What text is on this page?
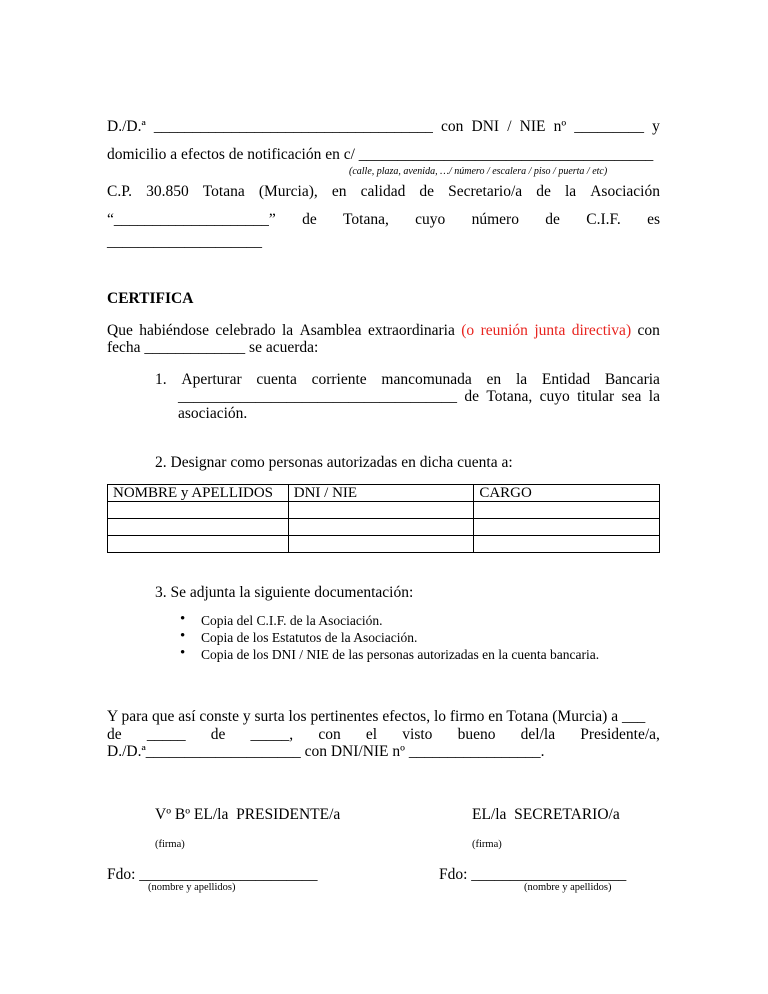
D./D.ª ____________________________________ con DNI / NIE nº _________ y
domicilio a efectos de notificación en c/ ______________________________________
(calle, plaza, avenida, …/ número / escalera / piso / puerta / etc)
C.P. 30.850 Totana (Murcia), en calidad de Secretario/a de la Asociación
“____________________” de Totana, cuyo número de C.I.F. es
____________________
CERTIFICA
Que habiéndose celebrado la Asamblea extraordinaria (o reunión junta directiva) con
fecha _____________ se acuerda:
1. Aperturar cuenta corriente mancomunada en la Entidad Bancaria
____________________________________ de Totana, cuyo titular sea la
asociación.
2. Designar como personas autorizadas en dicha cuenta a:
NOMBRE y APELLIDOS	DNI / NIE	CARGO

3. Se adjunta la siguiente documentación:
• Copia del C.I.F. de la Asociación.
• Copia de los Estatutos de la Asociación.
• Copia de los DNI / NIE de las personas autorizadas en la cuenta bancaria.
Y para que así conste y surta los pertinentes efectos, lo firmo en Totana (Murcia) a ___
de _____ de _____, con el visto bueno del/la Presidente/a,
D./D.ª____________________ con DNI/NIE nº _________________.
Vº Bº EL/la  PRESIDENTE/a	EL/la  SECRETARIO/a
(firma)	(firma)
Fdo: _______________________	Fdo: ____________________
(nombre y apellidos)	(nombre y apellidos)
